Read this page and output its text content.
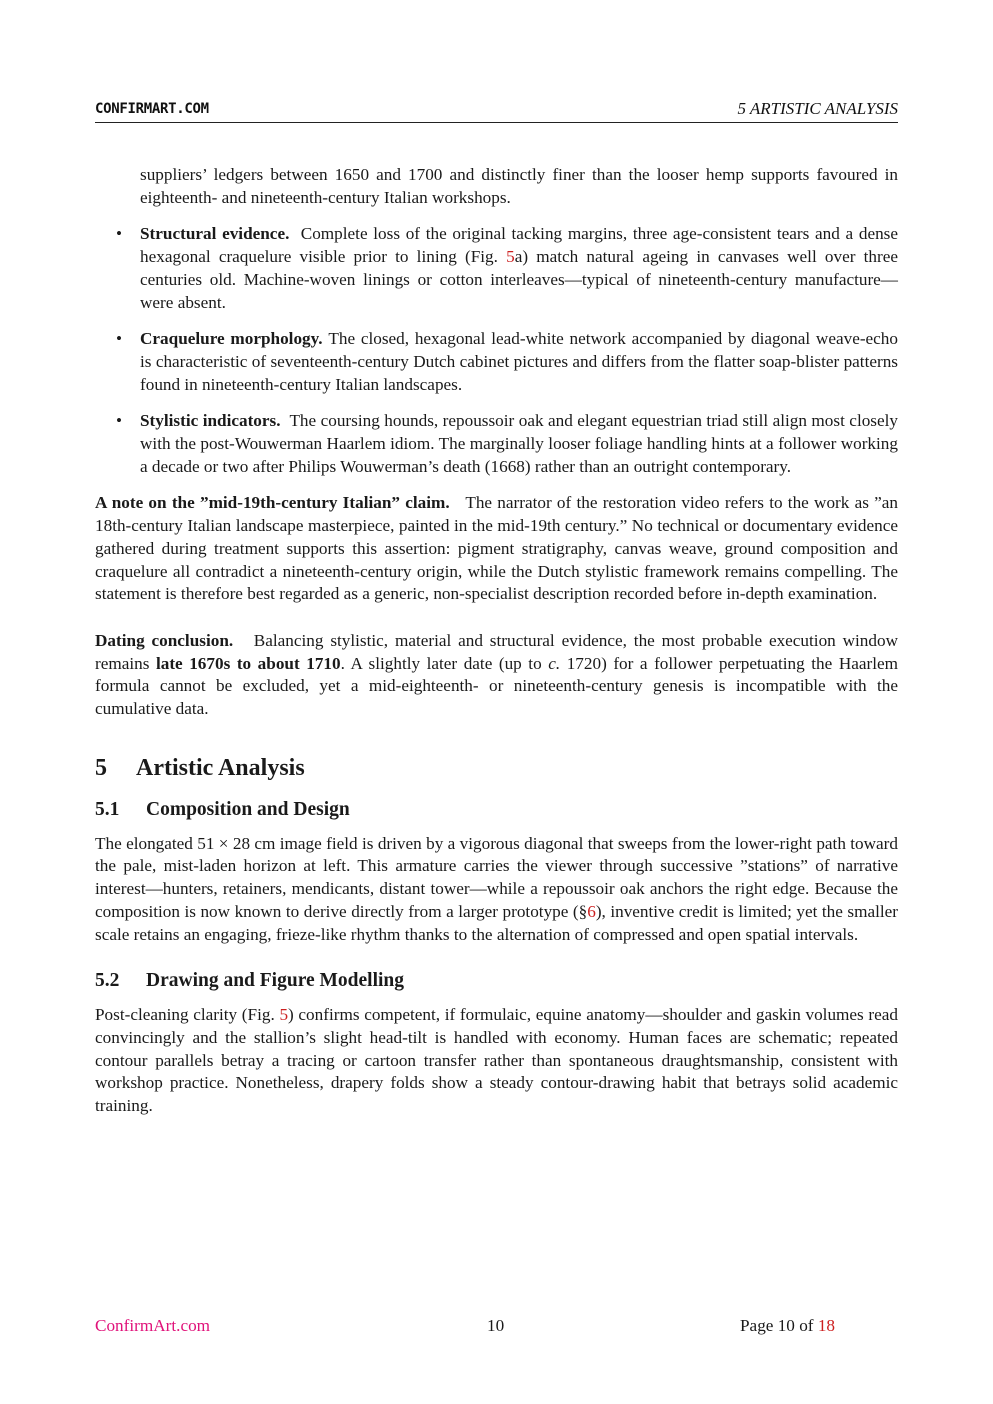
CONFIRMART.COM	5 ARTISTIC ANALYSIS

suppliers’ ledgers between 1650 and 1700 and distinctly finer than the looser hemp supports favoured in eighteenth- and nineteenth-century Italian workshops.

• Structural evidence. Complete loss of the original tacking margins, three age-consistent tears and a dense hexagonal craquelure visible prior to lining (Fig. 5a) match natural ageing in canvases well over three centuries old. Machine-woven linings or cotton interleaves—typical of nineteenth-century manufacture—were absent.
• Craquelure morphology. The closed, hexagonal lead-white network accompanied by diagonal weave-echo is characteristic of seventeenth-century Dutch cabinet pictures and differs from the flatter soap-blister patterns found in nineteenth-century Italian landscapes.
• Stylistic indicators. The coursing hounds, repoussoir oak and elegant equestrian triad still align most closely with the post-Wouwerman Haarlem idiom. The marginally looser foliage handling hints at a follower working a decade or two after Philips Wouwerman’s death (1668) rather than an outright contemporary.

A note on the ”mid-19th-century Italian” claim. The narrator of the restoration video refers to the work as ”an 18th-century Italian landscape masterpiece, painted in the mid-19th century.” No technical or documentary evidence gathered during treatment supports this assertion: pigment stratigraphy, canvas weave, ground composition and craquelure all contradict a nineteenth-century origin, while the Dutch stylistic framework remains compelling. The statement is therefore best regarded as a generic, non-specialist description recorded before in-depth examination.

Dating conclusion. Balancing stylistic, material and structural evidence, the most probable execution window remains late 1670s to about 1710. A slightly later date (up to c. 1720) for a follower perpetuating the Haarlem formula cannot be excluded, yet a mid-eighteenth- or nineteenth-century genesis is incompatible with the cumulative data.

5 Artistic Analysis
5.1 Composition and Design

The elongated 51 × 28 cm image field is driven by a vigorous diagonal that sweeps from the lower-right path toward the pale, mist-laden horizon at left. This armature carries the viewer through successive ”stations” of narrative interest—hunters, retainers, mendicants, distant tower—while a repoussoir oak anchors the right edge. Because the composition is now known to derive directly from a larger prototype (§6), inventive credit is limited; yet the smaller scale retains an engaging, frieze-like rhythm thanks to the alternation of compressed and open spatial intervals.

5.2 Drawing and Figure Modelling

Post-cleaning clarity (Fig. 5) confirms competent, if formulaic, equine anatomy—shoulder and gaskin volumes read convincingly and the stallion’s slight head-tilt is handled with economy. Human faces are schematic; repeated contour parallels betray a tracing or cartoon transfer rather than spontaneous draughtsmanship, consistent with workshop practice. Nonetheless, drapery folds show a steady contour-drawing habit that betrays solid academic training.

ConfirmArt.com	10	Page 10 of 18
